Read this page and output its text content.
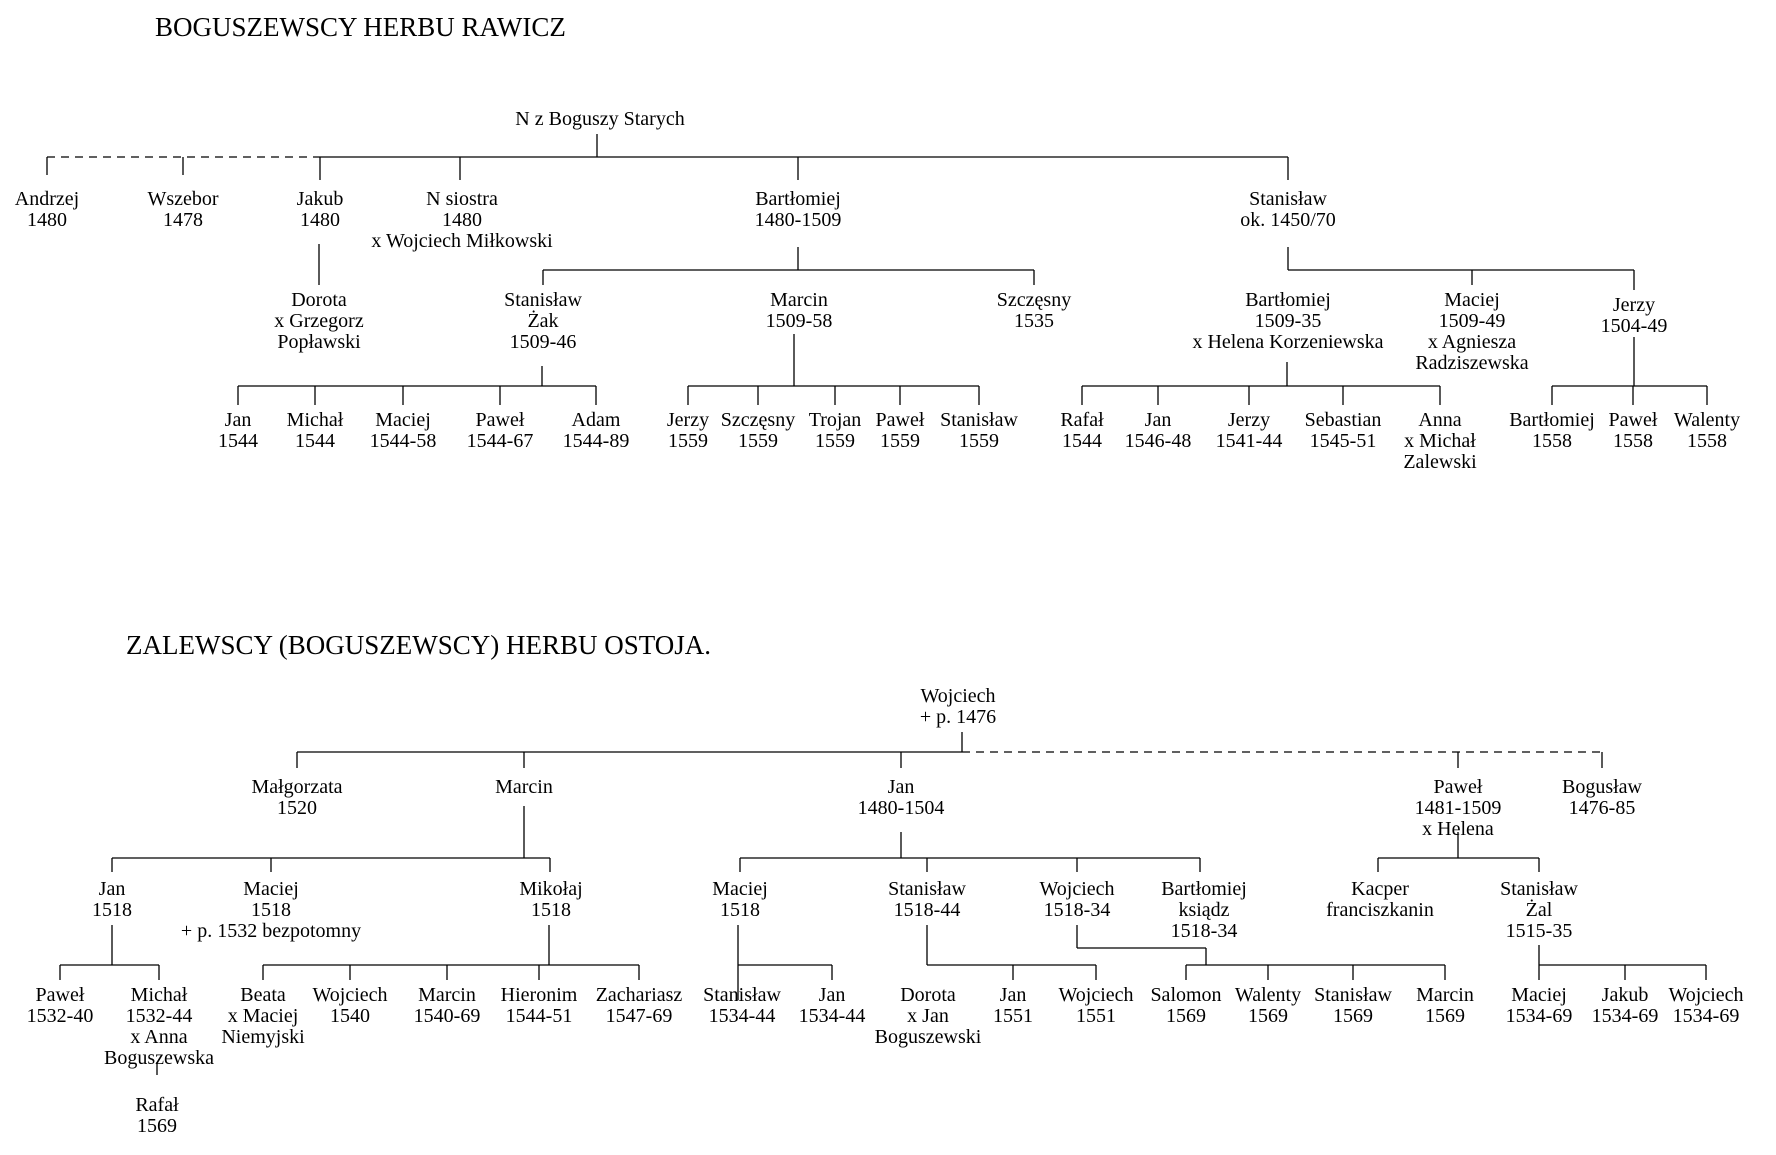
BOGUSZEWSCY HERBU RAWICZ
ZALEWSCY (BOGUSZEWSCY) HERBU OSTOJA.
N z Boguszy Starych
Andrzej
1480
Wszebor
1478
Jakub
1480
N siostra
1480
x Wojciech Miłkowski
Bartłomiej
1480-1509
Stanisław
ok. 1450/70
Dorota
x Grzegorz
Popławski
Stanisław
Żak
1509-46
Marcin
1509-58
Szczęsny
1535
Bartłomiej
1509-35
x Helena Korzeniewska
Maciej
1509-49
x Agniesza
Radziszewska
Jerzy
1504-49
Jan
1544
Michał
1544
Maciej
1544-58
Paweł
1544-67
Adam
1544-89
Jerzy
1559
Szczęsny
1559
Trojan
1559
Paweł
1559
Stanisław
1559
Rafał
1544
Jan
1546-48
Jerzy
1541-44
Sebastian
1545-51
Anna
x Michał
Zalewski
Bartłomiej
1558
Paweł
1558
Walenty
1558
Wojciech
+ p. 1476
Małgorzata
1520
Marcin	Jan
1480-1504
Paweł
1481-1509
x Helena
Bogusław
1476-85
Jan
1518
Maciej
1518
+ p. 1532 bezpotomny
Mikołaj
1518
Maciej
1518
Stanisław
1518-44
Wojciech
1518-34
Bartłomiej
ksiądz
1518-34
Kacper
franciszkanin
Stanisław
Żal
1515-35
Paweł
1532-40
Michał
1532-44
x Anna
Boguszewska
Rafał
1569
Beata
x Maciej
Niemyjski
Wojciech
1540
Marcin
1540-69
Hieronim
1544-51
Zachariasz
1547-69
Stanisław
1534-44
Jan
1534-44
Dorota
x Jan
Boguszewski
Jan
1551
Wojciech
1551
Salomon
1569
Walenty
1569
Stanisław
1569
Marcin
1569
Maciej
1534-69
Jakub
1534-69
Wojciech
1534-69
